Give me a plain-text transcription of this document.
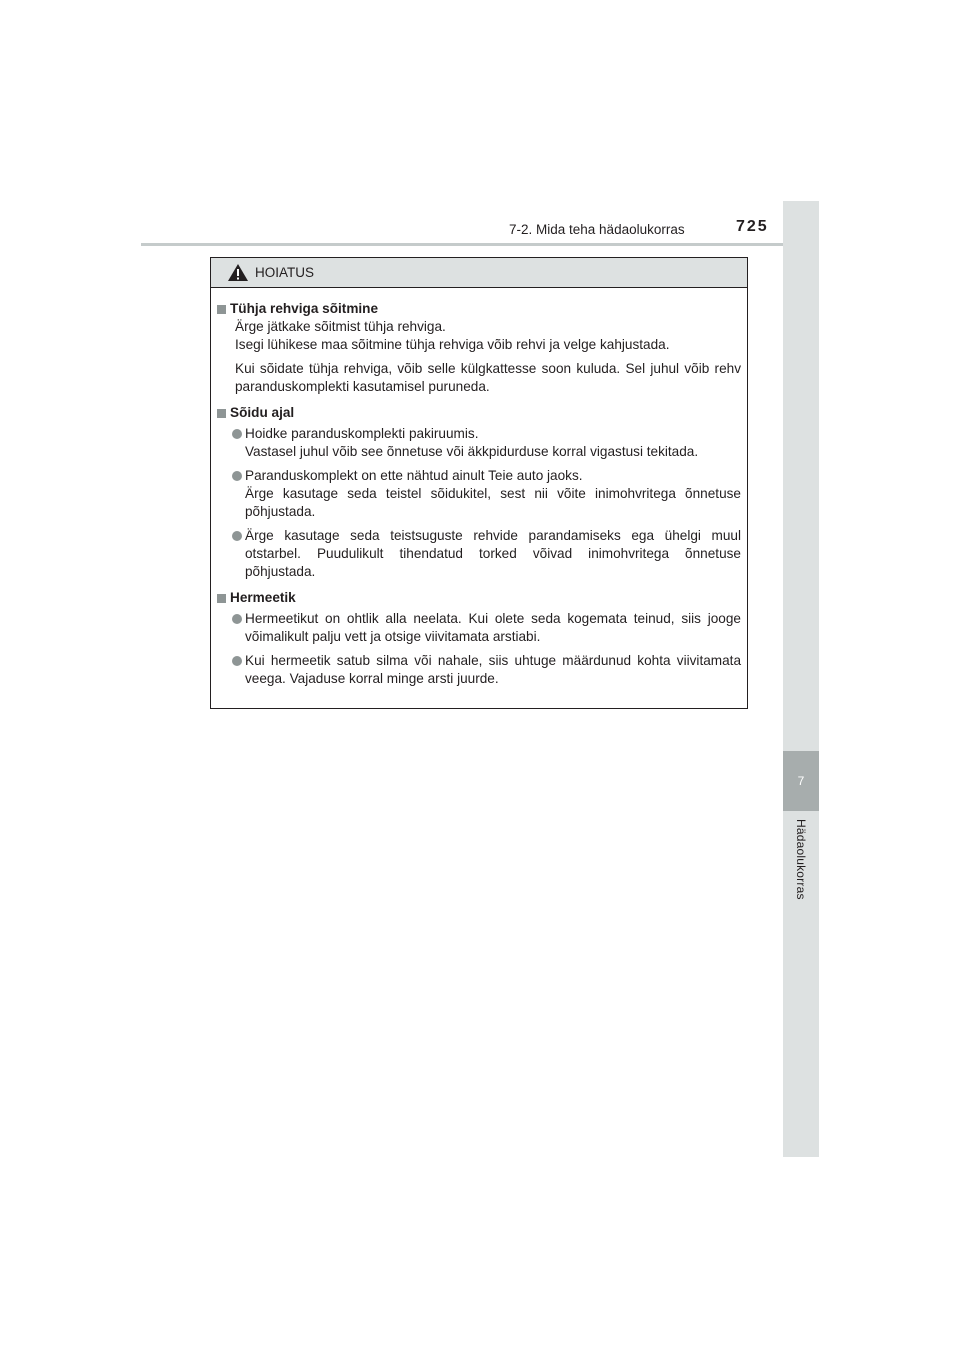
7-2. Mida teha hädaolukorras	725
7
Hädaolukorras
HOIATUS
Tühja rehviga sõitmine
Ärge jätkake sõitmist tühja rehviga.
Isegi lühikese maa sõitmine tühja rehviga võib rehvi ja velge kahjustada.
Kui sõidate tühja rehviga, võib selle külgkattesse soon kuluda. Sel juhul võib rehv paranduskomplekti kasutamisel puruneda.
Sõidu ajal
Hoidke paranduskomplekti pakiruumis.
Vastasel juhul võib see õnnetuse või äkkpidurduse korral vigastusi tekitada.
Paranduskomplekt on ette nähtud ainult Teie auto jaoks.
Ärge kasutage seda teistel sõidukitel, sest nii võite inimohvritega õnnetuse põhjustada.
Ärge kasutage seda teistsuguste rehvide parandamiseks ega ühelgi muul otstarbel. Puudulikult tihendatud torked võivad inimohvritega õnnetuse põhjustada.
Hermeetik
Hermeetikut on ohtlik alla neelata. Kui olete seda kogemata teinud, siis jooge võimalikult palju vett ja otsige viivitamata arstiabi.
Kui hermeetik satub silma või nahale, siis uhtuge määrdunud kohta viivitamata veega. Vajaduse korral minge arsti juurde.
